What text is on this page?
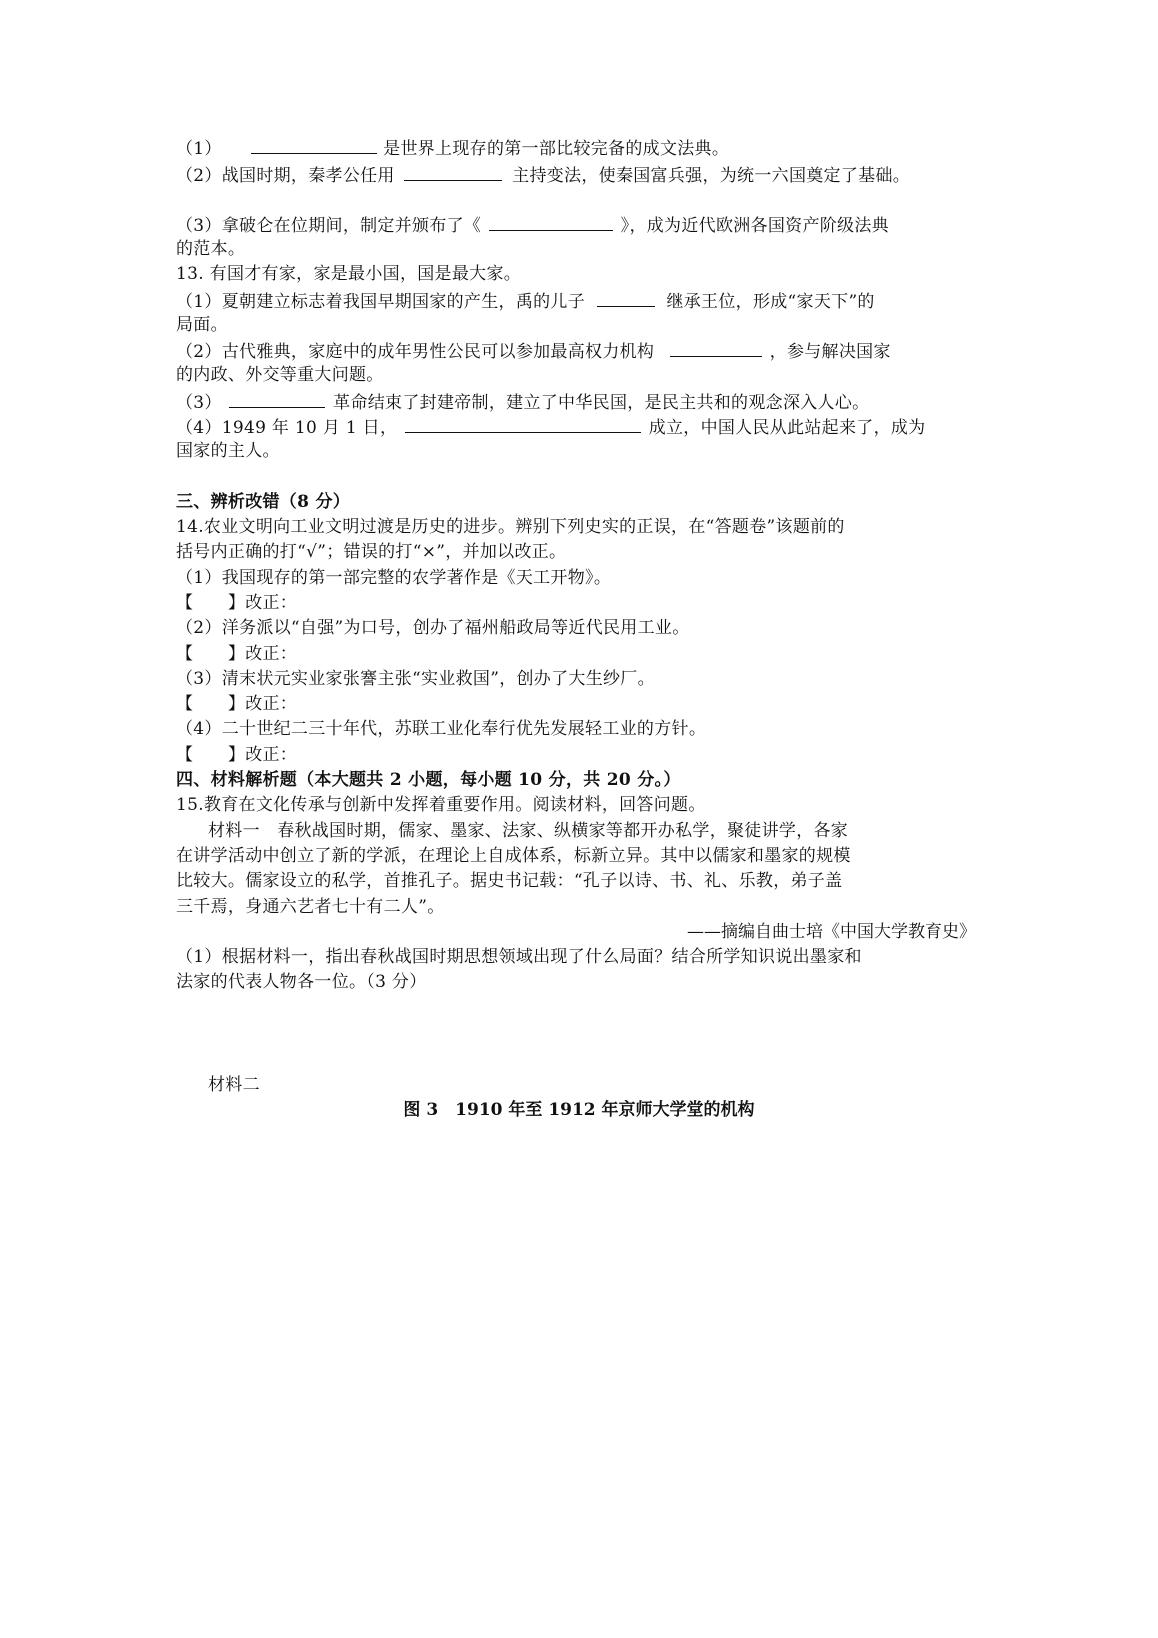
（1）	是世界上现存的第一部比较完备的成文法典。
（2）战国时期，秦孝公任用	主持变法，使秦国富兵强，为统一六国奠定了基础。
（3）拿破仑在位期间，制定并颁布了《	》，成为近代欧洲各国资产阶级法典
的范本。
13. 有国才有家，家是最小国，国是最大家。
（1）夏朝建立标志着我国早期国家的产生，禹的儿子	继承王位，形成“家天下”的
局面。
（2）古代雅典，家庭中的成年男性公民可以参加最高权力机构	，参与解决国家
的内政、外交等重大问题。
（3）	革命结束了封建帝制，建立了中华民国，是民主共和的观念深入人心。
（4）1949 年 10 月 1 日，	成立，中国人民从此站起来了，成为
国家的主人。
三、辨析改错（8 分）
14.农业文明向工业文明过渡是历史的进步。辨别下列史实的正误，在“答题卷”该题前的
括号内正确的打“√”；错误的打“×”，并加以改正。
（1）我国现存的第一部完整的农学著作是《天工开物》。
【　　】改正：
（2）洋务派以“自强”为口号，创办了福州船政局等近代民用工业。
【　　】改正：
（3）清末状元实业家张謇主张“实业救国”，创办了大生纱厂。
【　　】改正：
（4）二十世纪二三十年代，苏联工业化奉行优先发展轻工业的方针。
【　　】改正：
四、材料解析题（本大题共 2 小题，每小题 10 分，共 20 分。）
15.教育在文化传承与创新中发挥着重要作用。阅读材料，回答问题。
材料一　春秋战国时期，儒家、墨家、法家、纵横家等都开办私学，聚徒讲学，各家
在讲学活动中创立了新的学派，在理论上自成体系，标新立异。其中以儒家和墨家的规模
比较大。儒家设立的私学，首推孔子。据史书记载：“孔子以诗、书、礼、乐教，弟子盖
三千焉，身通六艺者七十有二人”。
——摘编自曲士培《中国大学教育史》
（1）根据材料一，指出春秋战国时期思想领域出现了什么局面？结合所学知识说出墨家和
法家的代表人物各一位。（3 分）
材料二
图 3　1910 年至 1912 年京师大学堂的机构
